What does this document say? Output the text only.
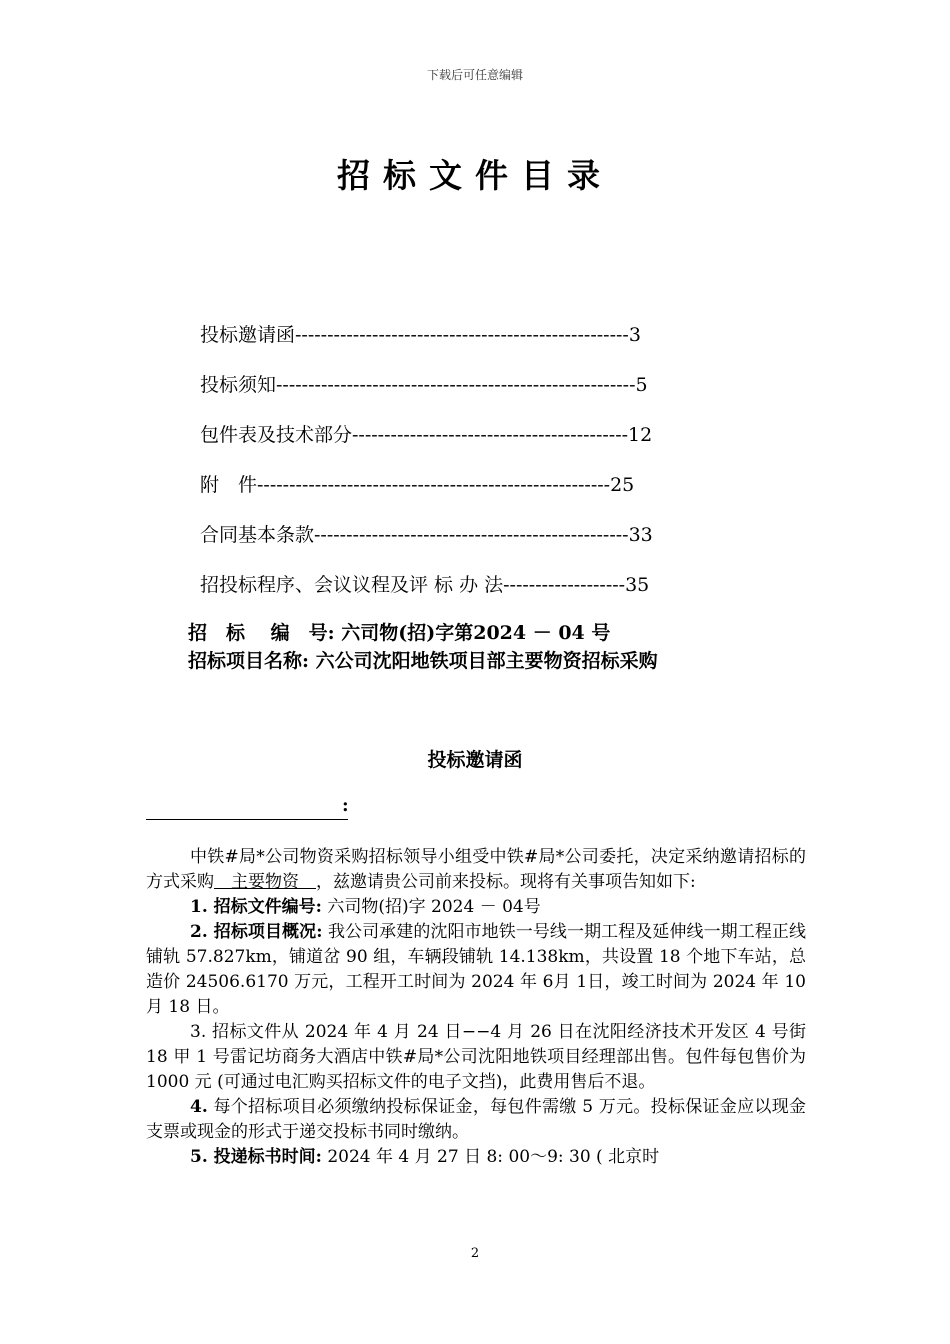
下载后可任意编辑
招标文件目录
投标邀请函----------------------------------------------------3
投标须知--------------------------------------------------------5
包件表及技术部分-------------------------------------------12
附　件-------------------------------------------------------25
合同基本条款-------------------------------------------------33
招投标程序、会议议程及评 标 办 法-------------------35
招　标　 编　号: 六司物(招)字第2024 － 04 号
招标项目名称: 六公司沈阳地铁项目部主要物资招标采购
投标邀请函
:

中铁#局*公司物资采购招标领导小组受中铁#局*公司委托，决定采纳邀请招标的方式采购　主要物资　，兹邀请贵公司前来投标。现将有关事项告知如下:

1. 招标文件编号: 六司物(招)字 2024 － 04号

2. 招标项目概况: 我公司承建的沈阳市地铁一号线一期工程及延伸线一期工程正线铺轨 57.827km，铺道岔 90 组，车辆段铺轨 14.138km，共设置 18 个地下车站，总造价 24506.6170 万元，工程开工时间为 2024 年 6月 1日，竣工时间为 2024 年 10 月 18 日。

3. 招标文件从 2024 年 4 月 24 日−−4 月 26 日在沈阳经济技术开发区 4 号街 18 甲 1 号雷记坊商务大酒店中铁#局*公司沈阳地铁项目经理部出售。包件每包售价为 1000 元 (可通过电汇购买招标文件的电子文挡)，此费用售后不退。

4. 每个招标项目必须缴纳投标保证金，每包件需缴 5 万元。投标保证金应以现金支票或现金的形式于递交投标书同时缴纳。

5. 投递标书时间: 2024 年 4 月 27 日 8: 00～9: 30 ( 北京时

2
